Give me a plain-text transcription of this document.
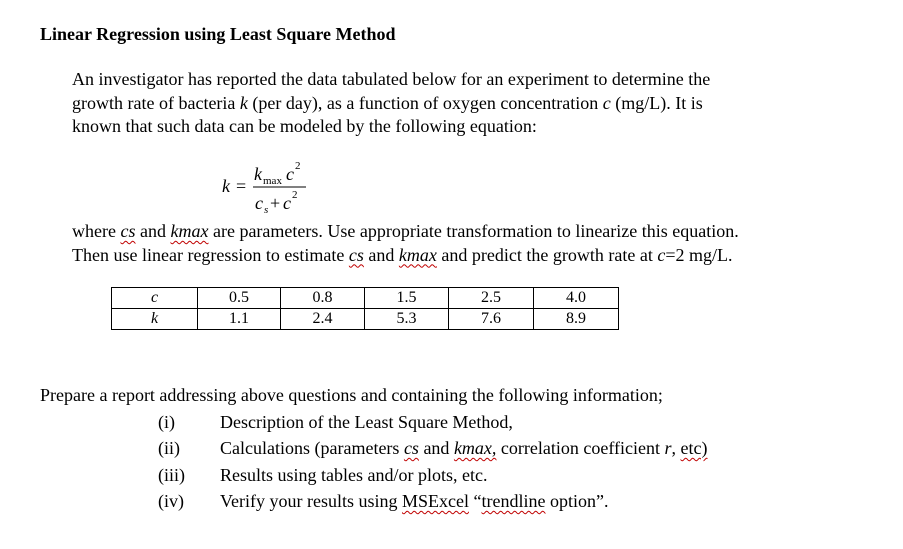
Linear Regression using Least Square Method
An investigator has reported the data tabulated below for an experiment to determine the
growth rate of bacteria k (per day), as a function of oxygen concentration c (mg/L). It is
known that such data can be modeled by the following equation:
k =
k max c 2
c s + c 2
where cs and kmax are parameters. Use appropriate transformation to linearize this equation.
Then use linear regression to estimate cs and kmax and predict the growth rate at c=2 mg/L.
c	0.5	0.8	1.5	2.5	4.0
k	1.1	2.4	5.3	7.6	8.9
Prepare a report addressing above questions and containing the following information;
(i)	Description of the Least Square Method,
(ii) Calculations (parameters cs and kmax, correlation coefficient r, etc)
(iii) Results using tables and/or plots, etc.
(iv) Verify your results using MSExcel “trendline option”.
